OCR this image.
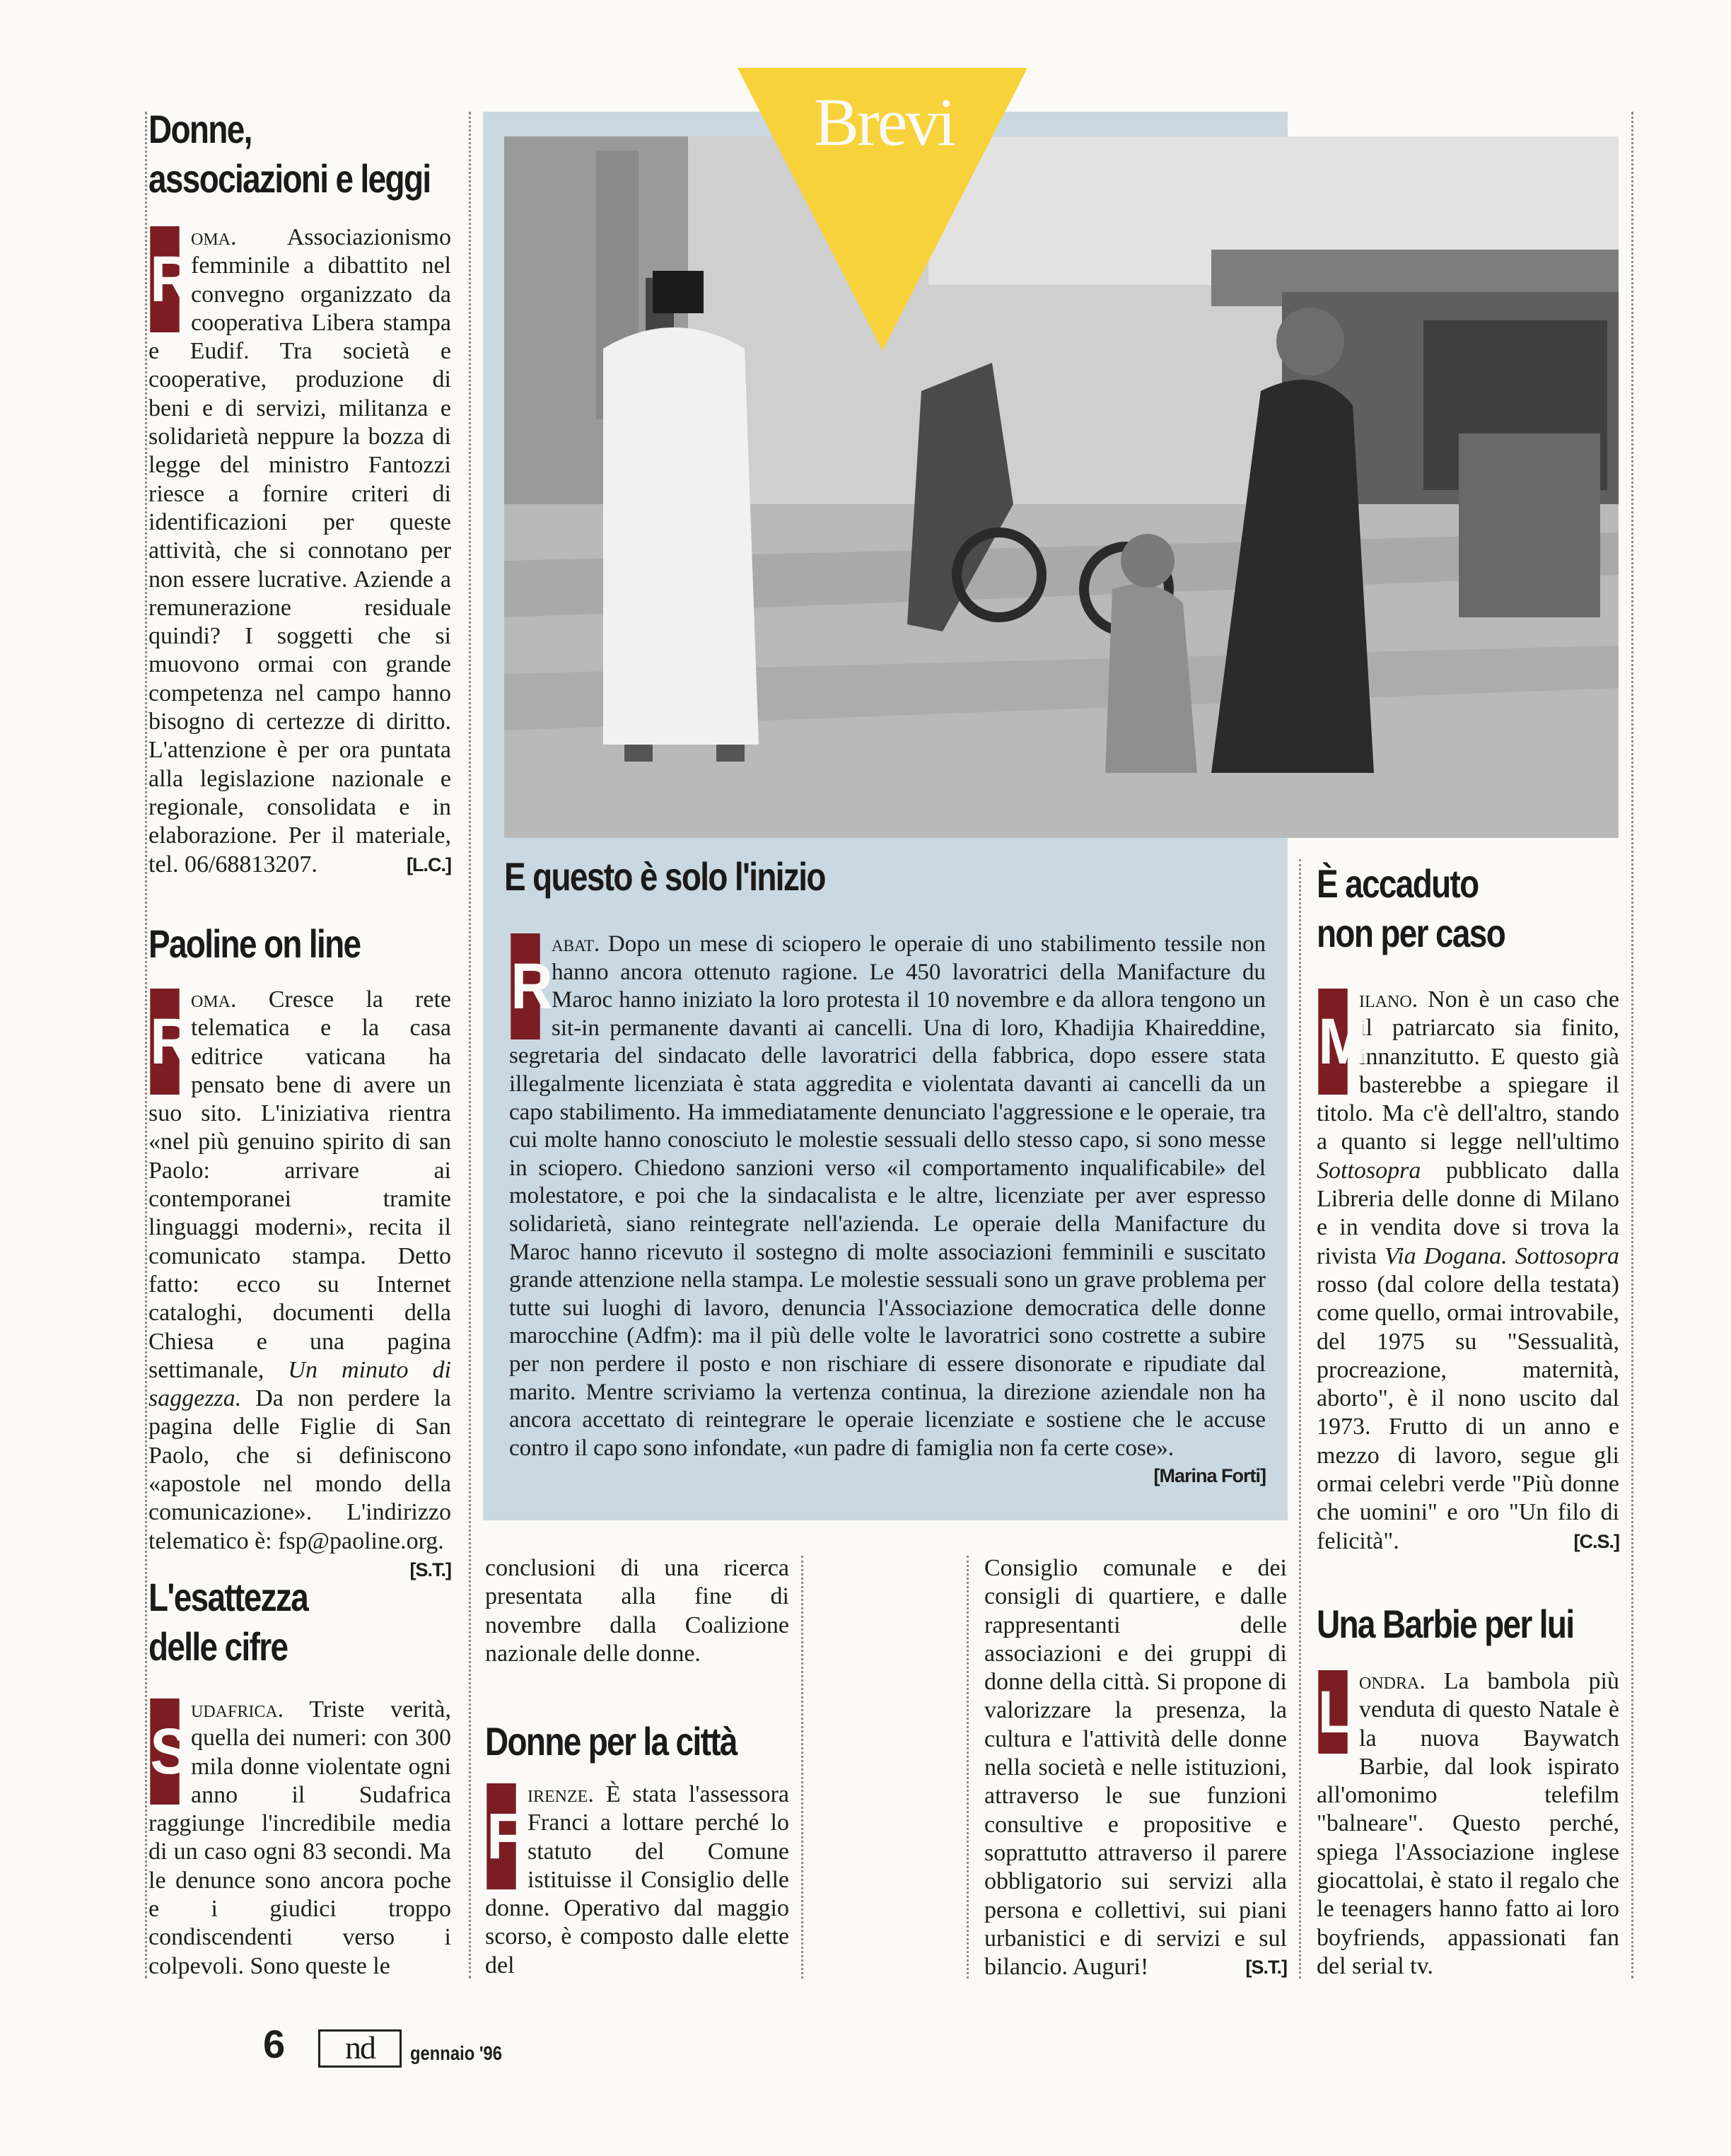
Donne,
associazioni e leggi
R
oma. Associazionismo femminile a dibattito nel convegno organizzato da cooperativa Libera stampa e Eudif. Tra società e cooperative, produzione di beni e di servizi, militanza e solidarietà neppure la bozza di legge del ministro Fantozzi riesce a fornire criteri di identificazioni per queste attività, che si connotano per non essere lucrative. Aziende a remunerazione residuale quindi? I soggetti che si muovono ormai con grande competenza nel campo hanno bisogno di certezze di diritto. L'attenzione è per ora puntata alla legislazione nazionale e regionale, consolidata e in elaborazione. Per il materiale, tel. 06/68813207.	[L.C.]
Paoline on line
R
oma. Cresce la rete telematica e la casa editrice vaticana ha pensato bene di avere un suo sito. L'iniziativa rientra «nel più genuino spirito di san Paolo: arrivare ai contemporanei tramite linguaggi moderni», recita il comunicato stampa. Detto fatto: ecco su Internet cataloghi, documenti della Chiesa e una pagina settimanale, Un minuto di saggezza. Da non perdere la pagina delle Figlie di San Paolo, che si definiscono «apostole nel mondo della comunicazione». L'indirizzo telematico è: fsp@paoline.org.
[S.T.]
L'esattezza
delle cifre
S
udafrica. Triste verità, quella dei numeri: con 300 mila donne violentate ogni anno il Sudafrica raggiunge l'incredibile media di un caso ogni 83 secondi. Ma le denunce sono ancora poche e i giudici troppo condiscendenti verso i colpevoli. Sono queste le
conclusioni di una ricerca presentata alla fine di novembre dalla Coalizione nazionale delle donne.
Brevi
E questo è solo l'inizio
R
abat. Dopo un mese di sciopero le operaie di uno stabilimento tessile non hanno ancora ottenuto ragione. Le 450 lavoratrici della Manifacture du Maroc hanno iniziato la loro protesta il 10 novembre e da allora tengono un sit-in permanente davanti ai cancelli. Una di loro, Khadijia Khaireddine, segretaria del sindacato delle lavoratrici della fabbrica, dopo essere stata illegalmente licenziata è stata aggredita e violentata davanti ai cancelli da un capo stabilimento. Ha immediatamente denunciato l'aggressione e le operaie, tra cui molte hanno conosciuto le molestie sessuali dello stesso capo, si sono messe in sciopero. Chiedono sanzioni verso «il comportamento inqualificabile» del molestatore, e poi che la sindacalista e le altre, licenziate per aver espresso solidarietà, siano reintegrate nell'azienda. Le operaie della Manifacture du Maroc hanno ricevuto il sostegno di molte associazioni femminili e suscitato grande attenzione nella stampa. Le molestie sessuali sono un grave problema per tutte sui luoghi di lavoro, denuncia l'Associazione democratica delle donne marocchine (Adfm): ma il più delle volte le lavoratrici sono costrette a subire per non perdere il posto e non rischiare di essere disonorate e ripudiate dal marito. Mentre scriviamo la vertenza continua, la direzione aziendale non ha ancora accettato di reintegrare le operaie licenziate e sostiene che le accuse contro il capo sono infondate, «un padre di famiglia non fa certe cose».
[Marina Forti]
Donne per la città
F
irenze. È stata l'assessora Franci a lottare perché lo statuto del Comune istituisse il Consiglio delle donne. Operativo dal maggio scorso, è composto dalle elette del
Consiglio comunale e dei consigli di quartiere, e dalle rappresentanti delle associazioni e dei gruppi di donne della città. Si propone di valorizzare la presenza, la cultura e l'attività delle donne nella società e nelle istituzioni, attraverso le sue funzioni consultive e propositive e soprattutto attraverso il parere obbligatorio sui servizi alla persona e collettivi, sui piani urbanistici e di servizi e sul bilancio. Auguri!	[S.T.]
È accaduto
non per caso
M
ilano. Non è un caso che il patriarcato sia finito, innanzitutto. E questo già basterebbe a spiegare il titolo. Ma c'è dell'altro, stando a quanto si legge nell'ultimo Sottosopra pubblicato dalla Libreria delle donne di Milano e in vendita dove si trova la rivista Via Dogana. Sottosopra rosso (dal colore della testata) come quello, ormai introvabile, del 1975 su "Sessualità, procreazione, maternità, aborto", è il nono uscito dal 1973. Frutto di un anno e mezzo di lavoro, segue gli ormai celebri verde "Più donne che uomini" e oro "Un filo di felicità".	[C.S.]
Una Barbie per lui
L ondra. La bambola più venduta di questo Natale è la nuova Baywatch Barbie, dal look ispirato all'omonimo telefilm "balneare". Questo perché, spiega l'Associazione inglese giocattolai, è stato il regalo che le teenagers hanno fatto ai loro boyfriends, appassionati fan del serial tv.
6	nd	gennaio '96
